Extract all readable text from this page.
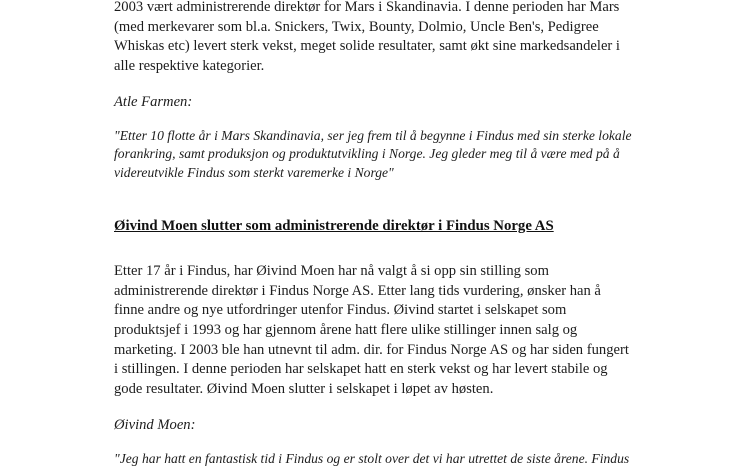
2003 vært administrerende direktør for Mars i Skandinavia. I denne perioden har Mars (med merkevarer som bl.a. Snickers, Twix, Bounty, Dolmio, Uncle Ben's, Pedigree Whiskas etc) levert sterk vekst, meget solide resultater, samt økt sine markedsandeler i alle respektive kategorier.

Atle Farmen:

"Etter 10 flotte år i Mars Skandinavia, ser jeg frem til å begynne i Findus med sin sterke lokale forankring, samt produksjon og produktutvikling i Norge. Jeg gleder meg til å være med på å videreutvikle Findus som sterkt varemerke i Norge"

Øivind Moen slutter som administrerende direktør i Findus Norge AS

Etter 17 år i Findus, har Øivind Moen har nå valgt å si opp sin stilling som administrerende direktør i Findus Norge AS. Etter lang tids vurdering, ønsker han å finne andre og nye utfordringer utenfor Findus. Øivind startet i selskapet som produktsjef i 1993 og har gjennom årene hatt flere ulike stillinger innen salg og marketing. I 2003 ble han utnevnt til adm. dir. for Findus Norge AS og har siden fungert i stillingen. I denne perioden har selskapet hatt en sterk vekst og har levert stabile og gode resultater. Øivind Moen slutter i selskapet i løpet av høsten.

Øivind Moen:

"Jeg har hatt en fantastisk tid i Findus og er stolt over det vi har utrettet de siste årene. Findus
